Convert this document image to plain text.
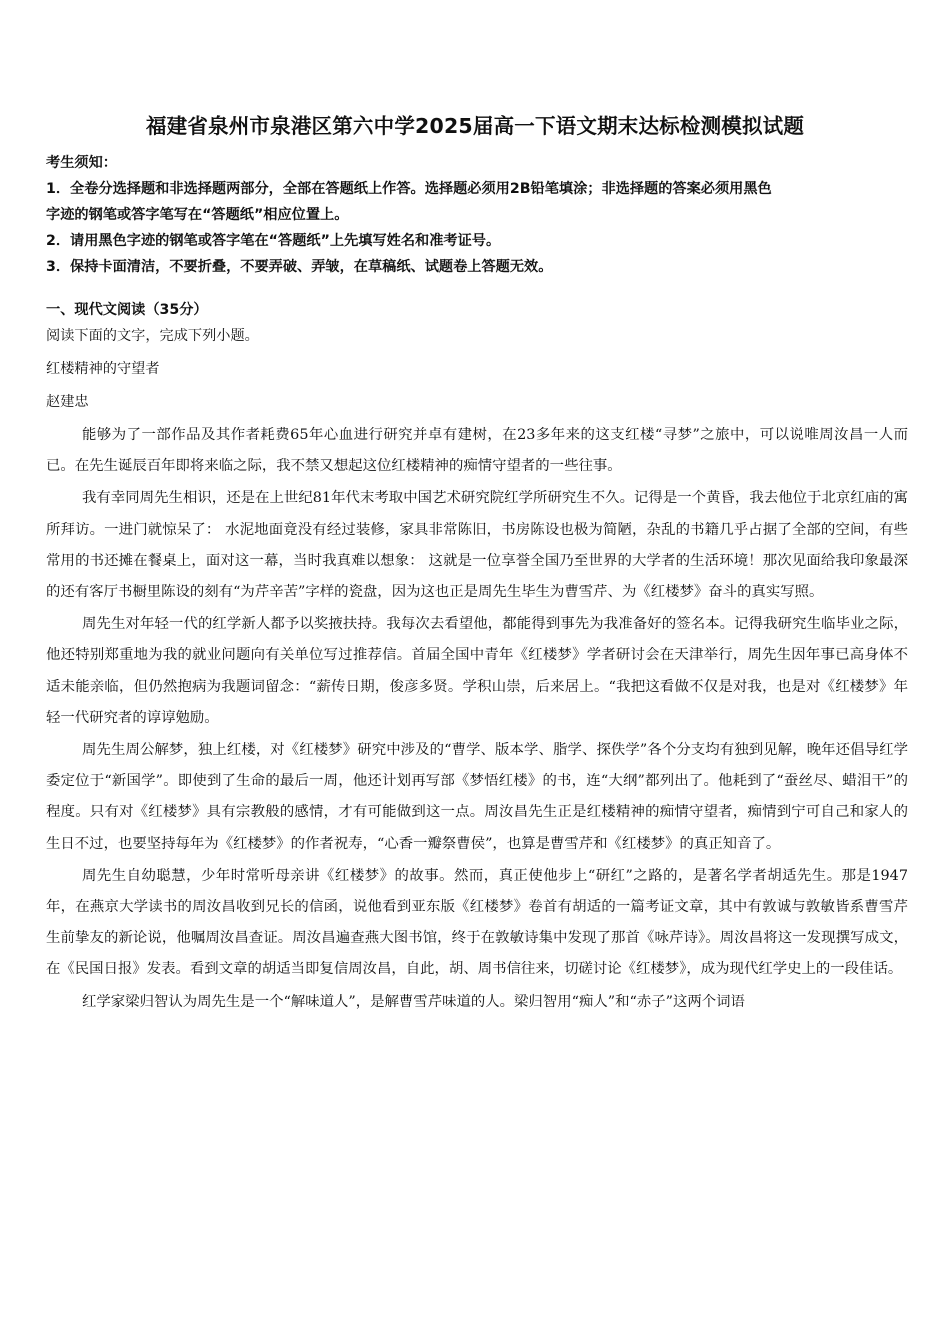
福建省泉州市泉港区第六中学2025届高一下语文期末达标检测模拟试题
考生须知：
1．全卷分选择题和非选择题两部分，全部在答题纸上作答。选择题必须用2B铅笔填涂；非选择题的答案必须用黑色
字迹的钢笔或答字笔写在“答题纸”相应位置上。
2．请用黑色字迹的钢笔或答字笔在“答题纸”上先填写姓名和准考证号。
3．保持卡面清洁，不要折叠，不要弄破、弄皱，在草稿纸、试题卷上答题无效。
一、现代文阅读（35分）
阅读下面的文字，完成下列小题。
红楼精神的守望者
赵建忠

能够为了一部作品及其作者耗费65年心血进行研究并卓有建树，在23多年来的这支红楼“寻梦”之旅中，可以说唯周汝昌一人而已。在先生诞辰百年即将来临之际，我不禁又想起这位红楼精神的痴情守望者的一些往事。

我有幸同周先生相识，还是在上世纪81年代末考取中国艺术研究院红学所研究生不久。记得是一个黄昏，我去他位于北京红庙的寓所拜访。一进门就惊呆了： 水泥地面竟没有经过装修，家具非常陈旧，书房陈设也极为简陋，杂乱的书籍几乎占据了全部的空间，有些常用的书还摊在餐桌上，面对这一幕，当时我真难以想象： 这就是一位享誉全国乃至世界的大学者的生活环境！那次见面给我印象最深的还有客厅书橱里陈设的刻有“为芹辛苦”字样的瓷盘，因为这也正是周先生毕生为曹雪芹、为《红楼梦》奋斗的真实写照。

周先生对年轻一代的红学新人都予以奖掖扶持。我每次去看望他，都能得到事先为我准备好的签名本。记得我研究生临毕业之际，他还特别郑重地为我的就业问题向有关单位写过推荐信。首届全国中青年《红楼梦》学者研讨会在天津举行，周先生因年事已高身体不适未能亲临，但仍然抱病为我题词留念：“薪传日期，俊彦多贤。学积山崇，后来居上。“我把这看做不仅是对我，也是对《红楼梦》年轻一代研究者的谆谆勉励。

周先生周公解梦，独上红楼，对《红楼梦》研究中涉及的“曹学、版本学、脂学、探佚学”各个分支均有独到见解，晚年还倡导红学委定位于“新国学”。即使到了生命的最后一周，他还计划再写部《梦悟红楼》的书，连“大纲”都列出了。他耗到了“蚕丝尽、蜡泪干”的程度。只有对《红楼梦》具有宗教般的感情，才有可能做到这一点。周汝昌先生正是红楼精神的痴情守望者，痴情到宁可自己和家人的生日不过，也要坚持每年为《红楼梦》的作者祝寿，“心香一瓣祭曹侯”，也算是曹雪芹和《红楼梦》的真正知音了。

周先生自幼聪慧，少年时常听母亲讲《红楼梦》的故事。然而，真正使他步上“研红”之路的，是著名学者胡适先生。那是1947年，在燕京大学读书的周汝昌收到兄长的信函，说他看到亚东版《红楼梦》卷首有胡适的一篇考证文章，其中有敦诚与敦敏皆系曹雪芹生前挚友的新论说，他嘱周汝昌查证。周汝昌遍查燕大图书馆，终于在敦敏诗集中发现了那首《咏芹诗》。周汝昌将这一发现撰写成文，在《民国日报》发表。看到文章的胡适当即复信周汝昌，自此，胡、周书信往来，切磋讨论《红楼梦》，成为现代红学史上的一段佳话。

红学家梁归智认为周先生是一个“解味道人”，是解曹雪芹味道的人。梁归智用“痴人”和“赤子”这两个词语
